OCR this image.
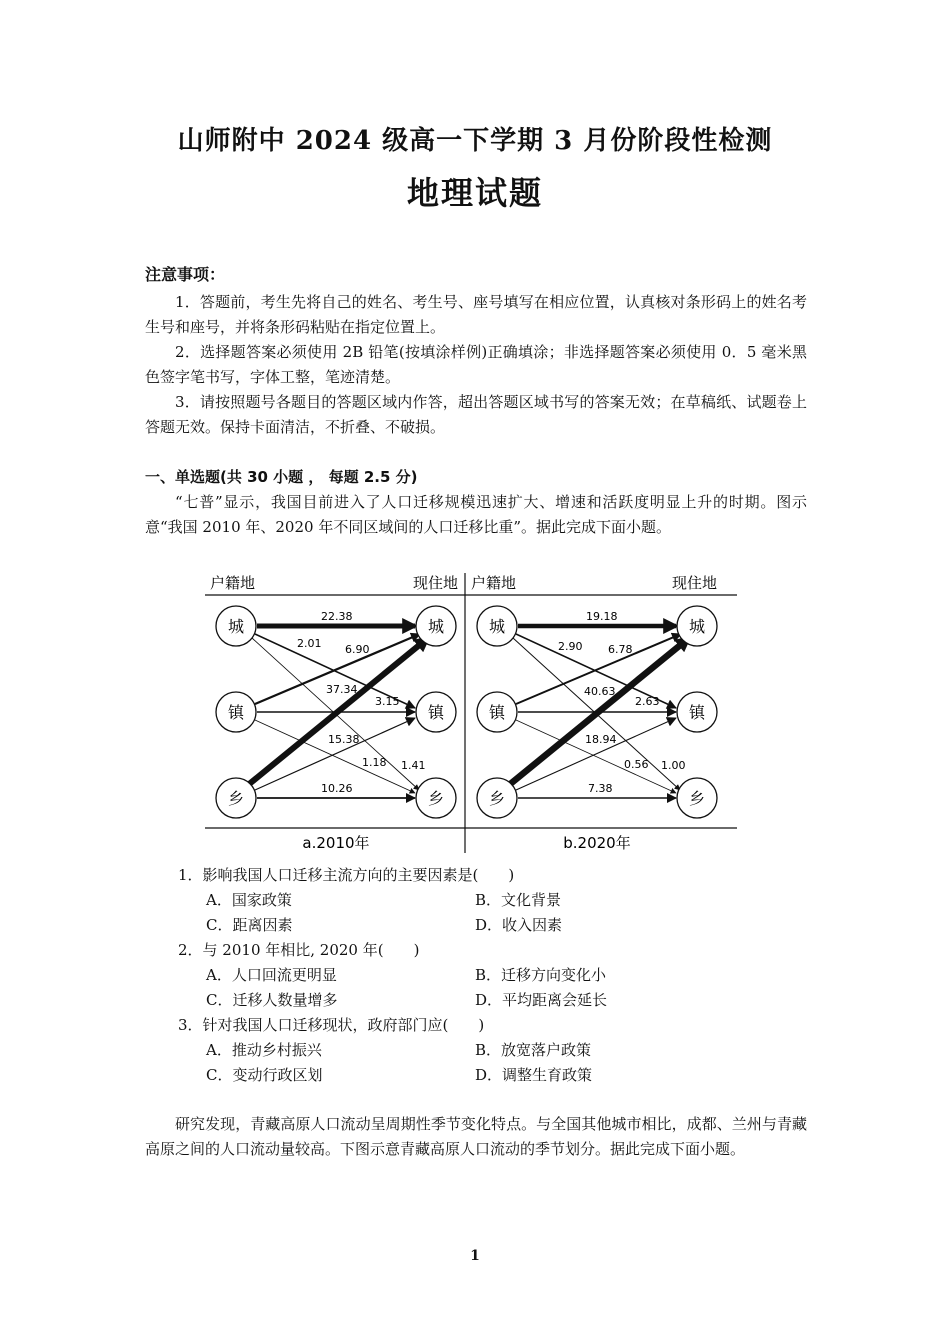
山师附中 2024 级高一下学期 3 月份阶段性检测
地理试题
注意事项：

1．答题前，考生先将自己的姓名、考生号、座号填写在相应位置，认真核对条形码上的姓名考生号和座号，并将条形码粘贴在指定位置上。

2．选择题答案必须使用 2B 铅笔(按填涂样例)正确填涂；非选择题答案必须使用 0．5 毫米黑色签字笔书写，字体工整，笔迹清楚。

3．请按照题号各题目的答题区域内作答，超出答题区域书写的答案无效；在草稿纸、试题卷上答题无效。保持卡面清洁，不折叠、不破损。

一、单选题(共 30 小题 ， 每题 2.5 分)

“七普”显示，我国目前进入了人口迁移规模迅速扩大、增速和活跃度明显上升的时期。图示意“我国 2010 年、2020 年不同区域间的人口迁移比重”。据此完成下面小题。

户籍地	现住地 户籍地	现住地
22.38
2.01 6.90
37.34
3.15
15.38
1.18 1.41
10.26
城
镇
乡
城
镇
乡
a.2010年
19.18
2.90 6.78
40.63
2.63
18.94
0.56 1.00
7.38
城
镇
乡
城
镇
乡
b.2020年
1．影响我国人口迁移主流方向的主要因素是(　　)
A．国家政策	B．文化背景
C．距离因素	D．收入因素
2．与 2010 年相比, 2020 年(　　)
A．人口回流更明显	B．迁移方向变化小
C．迁移人数量增多	D．平均距离会延长
3．针对我国人口迁移现状，政府部门应(　　)
A．推动乡村振兴	B．放宽落户政策
C．变动行政区划	D．调整生育政策

研究发现，青藏高原人口流动呈周期性季节变化特点。与全国其他城市相比，成都、兰州与青藏高原之间的人口流动量较高。下图示意青藏高原人口流动的季节划分。据此完成下面小题。

1
